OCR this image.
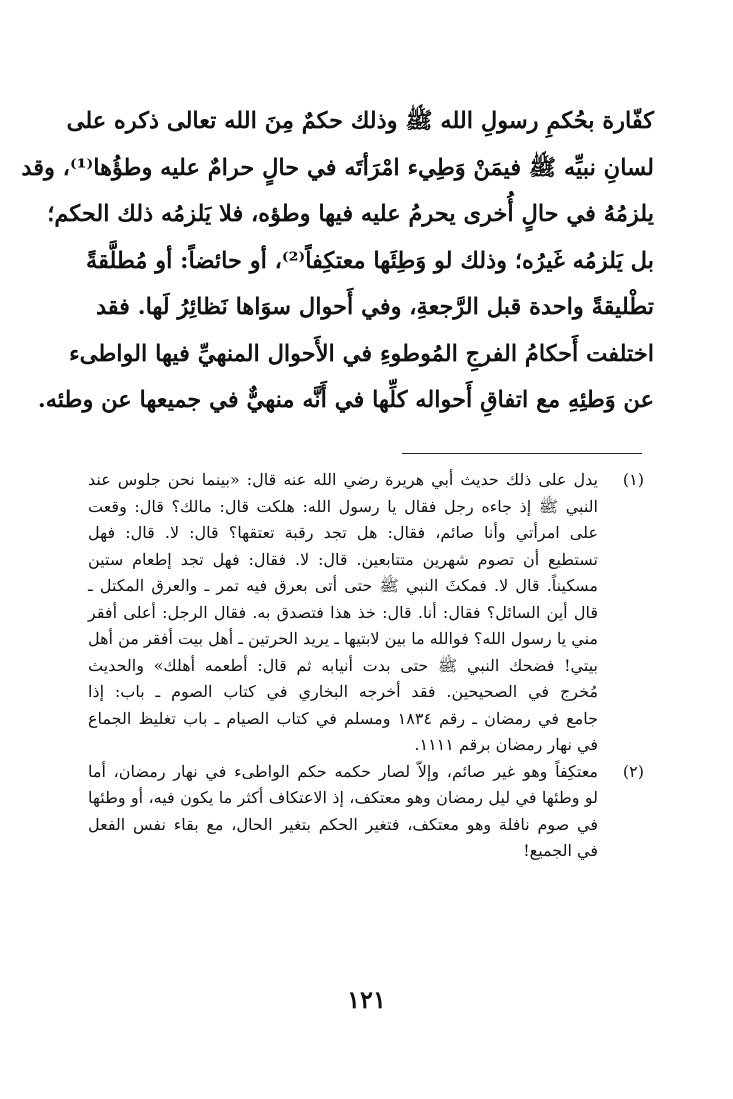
كفّارة بحُكمِ رسولِ الله ﷺ وذلك حكمٌ مِنَ الله تعالى ذكره على
لسانِ نبيِّه ﷺ فيمَنْ وَطِيء امْرَأتَه في حالٍ حرامٌ عليه وطؤُها⁽¹⁾، وقد
يلزمُهُ في حالٍ أُخرى يحرمُ عليه فيها وطؤه، فلا يَلزمُه ذلك الحكم؛
بل يَلزمُه غَيرُه؛ وذلك لو وَطِئَها معتكِفاً⁽²⁾، أو حائضاً: أو مُطلَّقةً
تطْليقةً واحدة قبل الرَّجعةِ، وفي أَحوال سوَاها نَظائِرُ لَها. فقد
اختلفت أَحكامُ الفرجِ المُوطوءِ في الأَحوال المنهيِّ فيها الواطىء
عن وَطئِهِ مع اتفاقِ أَحواله كلِّها في أَنَّه منهيٌّ في جميعها عن وطئه.
(١)
يدل على ذلك حديث أبي هريرة رضي الله عنه قال: «بينما نحن جلوس عند
النبي ﷺ إذ جاءه رجل فقال يا رسول الله: هلكت قال: مالك؟ قال: وقعت
على امرأتي وأنا صائم، فقال: هل تجد رقبة تعتقها؟ قال: لا. قال: فهل
تستطيع أن تصوم شهرين متتابعين. قال: لا. فقال: فهل تجد إطعام ستين
مسكيناً. قال لا. فمكثَ النبي ﷺ حتى أتى بعرق فيه تمر ـ والعرق المكتل ـ
قال أين السائل؟ فقال: أنا. قال: خذ هذا فتصدق به. فقال الرجل: أعلى أفقر
مني يا رسول الله؟ فوالله ما بين لابتيها ـ يريد الحرتين ـ أهل بيت أفقر من أهل
بيتي! فضحك النبي ﷺ حتى بدت أنيابه ثم قال: أطعمه أهلك» والحديث
مُخرج في الصحيحين. فقد أخرجه البخاري في كتاب الصوم ـ باب: إذا
جامع في رمضان ـ رقم ١٨٣٤ ومسلم في كتاب الصيام ـ باب تغليظ الجماع
في نهار رمضان برقم ١١١١.
(٢)
معتكِفاً وهو غير صائم، وإلاّ لصار حكمه حكم الواطىء في نهار رمضان، أما
لو وطئها في ليل رمضان وهو معتكف، إذ الاعتكاف أكثر ما يكون فيه، أو وطئها
في صوم نافلة وهو معتكف، فتغير الحكم بتغير الحال، مع بقاء نفس الفعل
في الجميع!
١٢١
